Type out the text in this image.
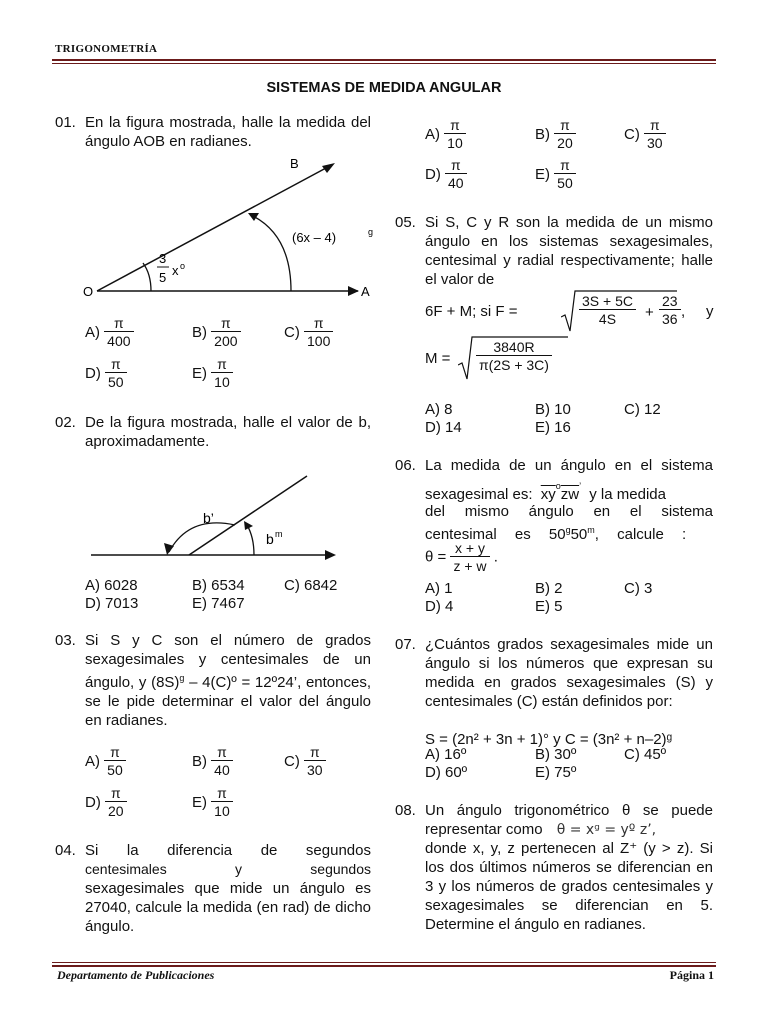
TRIGONOMETRÍA
SISTEMAS DE MEDIDA ANGULAR
01. En la figura mostrada, halle la medida del ángulo AOB en radianes.
B
O	A
(6x – 4)	g
3
5 x o
$A) \frac{\pi}{400}$	$B) \frac{\pi}{200}$	$C) \frac{\pi}{100}$
$D) \frac{\pi}{50}$	$E) \frac{\pi}{10}$
02. De la figura mostrada, halle el valor de b, aproximadamente.
b’
b m
A) 6028	B) 6534	C) 6842
D) 7013	E) 7467
03. Si S y C son el número de grados sexagesimales y centesimales de un ángulo, y $(8S)^g$ – 4(C)º = 12º24’, entonces, se le pide determinar el valor del ángulo en radianes.
$A) \frac{\pi}{50}$	$B) \frac{\pi}{40}$	$C) \frac{\pi}{30}$
$D) \frac{\pi}{20}$	$E) \frac{\pi}{10}$
04. Si la diferencia de segundos
centesimales y segundos
sexagesimales que mide un ángulo es 27040, calcule la medida (en rad) de dicho ángulo.
$A) \frac{\pi}{10}$	$B) \frac{\pi}{20}$	$C) \frac{\pi}{30}$
$D) \frac{\pi}{40}$	$E) \frac{\pi}{50}$
05. Si S, C y R son la medida de un mismo ángulo en los sistemas sexagesimales, centesimal y radial respectivamente; halle el valor de
6F + M; si F =	$\frac{3S + 5C}{4S} + \frac{23}{36}$ ,     y
$M = \frac{3840R}{\pi(2S + 3C)}$
A) 8	B) 10	C) 12
D) 14	E) 16
06. La medida de un ángulo en el sistema
sexagesimal es: $\overline{xy}^o\overline{zw}^’$ y la medida
del mismo ángulo en el sistema
centesimal es 50$^g$50$^m$, calcule :
$\theta = \frac{x + y}{z + w}$ .
A) 1	B) 2	C) 3
D) 4	E) 5
07. ¿Cuántos grados sexagesimales mide un ángulo si los números que expresan su medida en grados sexagesimales (S) y centesimales (C) están definidos por:
S = (2n² + 3n + 1)° y C = (3n² + n–2)ᵍ
A) 16º	B) 30º	C) 45º
D) 60º	E) 75º
08. Un ángulo trigonométrico θ se puede
representar como θ = xᵍ = yº z’,
donde x, y, z pertenecen al Z⁺ (y > z). Si los dos últimos números se diferencian en 3 y los números de grados centesimales y sexagesimales se diferencian en 5. Determine el ángulo en radianes.
Departamento de Publicaciones	Página 1
